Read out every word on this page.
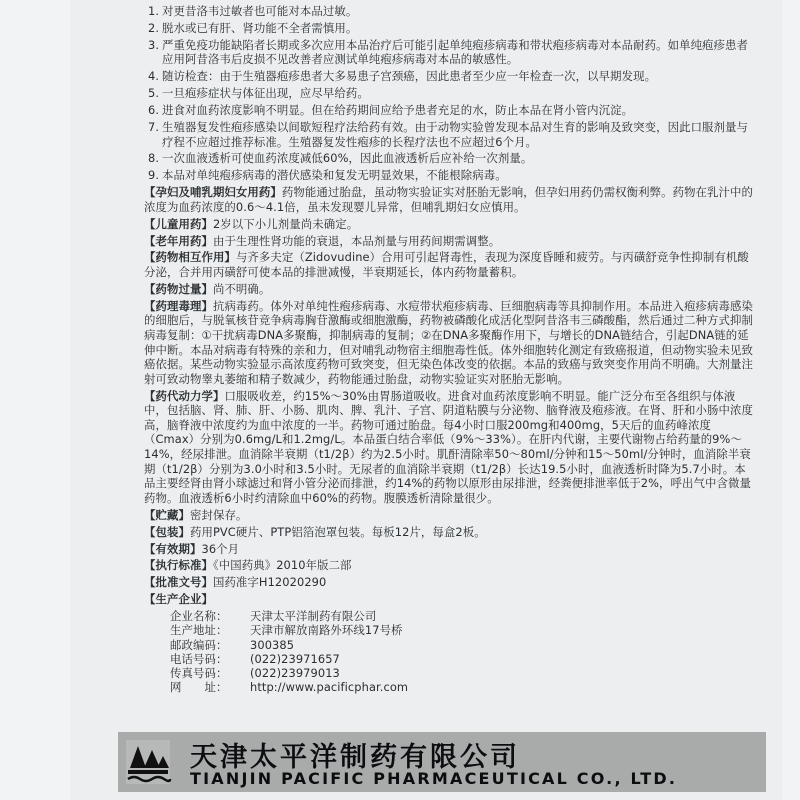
1. 对更昔洛韦过敏者也可能对本品过敏。

2. 脱水或已有肝、肾功能不全者需慎用。

3. 严重免疫功能缺陷者长期或多次应用本品治疗后可能引起单纯疱疹病毒和带状疱疹病毒对本品耐药。如单纯疱疹患者应用阿昔洛韦后皮损不见改善者应测试单纯疱疹病毒对本品的敏感性。

4. 随访检查：由于生殖器疱疹患者大多易患子宫颈癌，因此患者至少应一年检查一次，以早期发现。

5. 一旦疱疹症状与体征出现，应尽早给药。

6. 进食对血药浓度影响不明显。但在给药期间应给予患者充足的水，防止本品在肾小管内沉淀。

7. 生殖器复发性疱疹感染以间歇短程疗法给药有效。由于动物实验曾发现本品对生育的影响及致突变，因此口服剂量与疗程不应超过推荐标准。生殖器复发性疱疹的长程疗法也不应超过6个月。

8. 一次血液透析可使血药浓度减低60%，因此血液透析后应补给一次剂量。

9. 本品对单纯疱疹病毒的潜伏感染和复发无明显效果，不能根除病毒。

【孕妇及哺乳期妇女用药】药物能通过胎盘，虽动物实验证实对胚胎无影响，但孕妇用药仍需权衡利弊。药物在乳汁中的浓度为血药浓度的0.6～4.1倍，虽未发现婴儿异常，但哺乳期妇女应慎用。

【儿童用药】2岁以下小儿剂量尚未确定。

【老年用药】由于生理性肾功能的衰退，本品剂量与用药间期需调整。

【药物相互作用】与齐多夫定（Zidovudine）合用可引起肾毒性，表现为深度昏睡和疲劳。与丙磺舒竞争性抑制有机酸分泌，合并用丙磺舒可使本品的排泄减慢，半衰期延长，体内药物量蓄积。

【药物过量】尚不明确。

【药理毒理】抗病毒药。体外对单纯性疱疹病毒、水痘带状疱疹病毒、巨细胞病毒等具抑制作用。本品进入疱疹病毒感染的细胞后，与脱氧核苷竞争病毒胸苷激酶或细胞激酶，药物被磷酸化成活化型阿昔洛韦三磷酸酯，然后通过二种方式抑制病毒复制：①干扰病毒DNA多聚酶，抑制病毒的复制；②在DNA多聚酶作用下，与增长的DNA链结合，引起DNA链的延伸中断。本品对病毒有特殊的亲和力，但对哺乳动物宿主细胞毒性低。体外细胞转化测定有致癌报道，但动物实验未见致癌依据。某些动物实验显示高浓度药物可致突变，但无染色体改变的依据。本品的致癌与致突变作用尚不明确。大剂量注射可致动物睾丸萎缩和精子数减少，药物能通过胎盘，动物实验证实对胚胎无影响。

【药代动力学】口服吸收差，约15%～30%由胃肠道吸收。进食对血药浓度影响不明显。能广泛分布至各组织与体液中，包括脑、肾、肺、肝、小肠、肌肉、脾、乳汁、子宫、阴道粘膜与分泌物、脑脊液及疱疹液。在肾、肝和小肠中浓度高，脑脊液中浓度约为血中浓度的一半。药物可通过胎盘。每4小时口服200mg和400mg，5天后的血药峰浓度（Cmax）分别为0.6mg/L和1.2mg/L。本品蛋白结合率低（9%～33%）。在肝内代谢，主要代谢物占给药量的9%～14%，经尿排泄。血消除半衰期（t1/2β）约为2.5小时。肌酐清除率50～80ml/分钟和15～50ml/分钟时，血消除半衰期（t1/2β）分别为3.0小时和3.5小时。无尿者的血消除半衰期（t1/2β）长达19.5小时，血液透析时降为5.7小时。本品主要经肾由肾小球滤过和肾小管分泌而排泄，约14%的药物以原形由尿排泄，经粪便排泄率低于2%，呼出气中含微量药物。血液透析6小时约清除血中60%的药物。腹膜透析清除量很少。

【贮藏】密封保存。

【包装】药用PVC硬片、PTP铝箔泡罩包装。每板12片，每盒2板。

【有效期】36个月

【执行标准】《中国药典》2010年版二部

【批准文号】国药准字H12020290

【生产企业】

企业名称： 天津太平洋制药有限公司

生产地址： 天津市解放南路外环线17号桥

邮政编码： 300385

电话号码： (022)23971657

传真号码： (022)23979013

网　　址： http://www.pacificphar.com

天津太平洋制药有限公司
TIANJIN PACIFIC PHARMACEUTICAL CO., LTD.
